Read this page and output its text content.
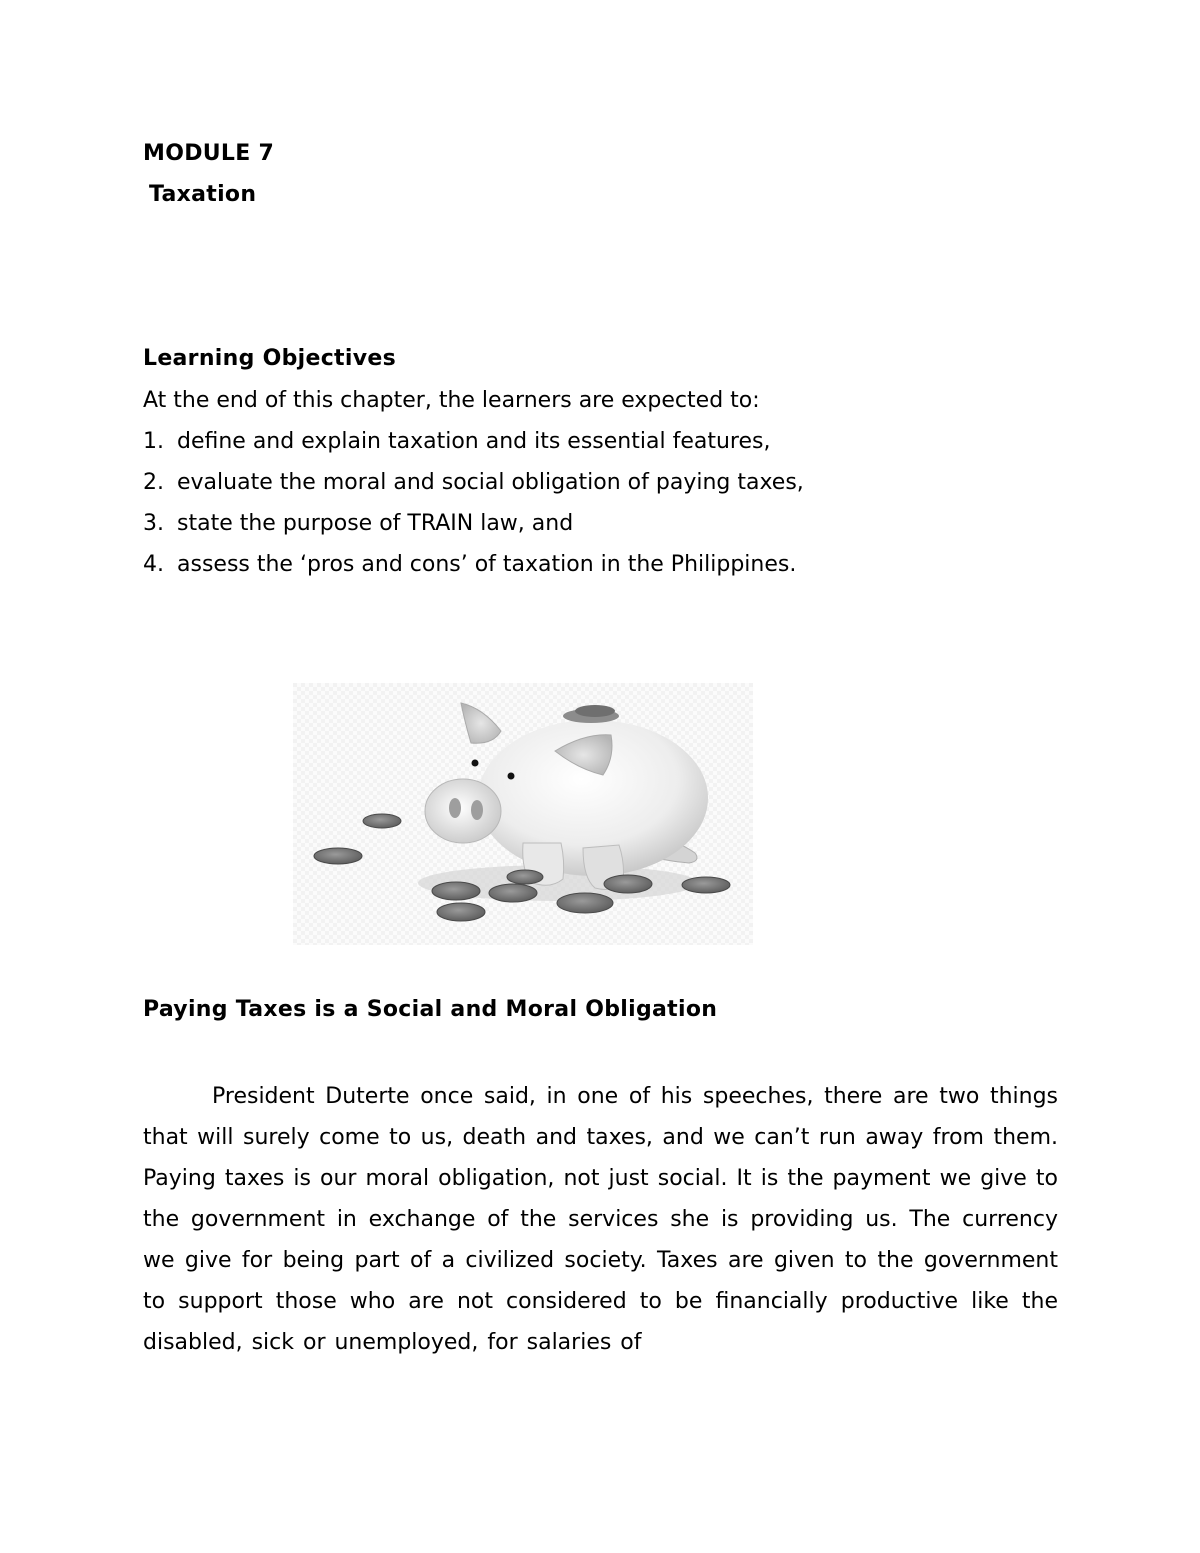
MODULE 7
Taxation
Learning Objectives

At the end of this chapter, the learners are expected to:

1. define and explain taxation and its essential features,
2. evaluate the moral and social obligation of paying taxes,
3. state the purpose of TRAIN law, and
4. assess the ‘pros and cons’ of taxation in the Philippines.
Paying Taxes is a Social and Moral Obligation

President Duterte once said, in one of his speeches, there are two things that will surely come to us, death and taxes, and we can’t run away from them. Paying taxes is our moral obligation, not just social. It is the payment we give to the government in exchange of the services she is providing us. The currency we give for being part of a civilized society. Taxes are given to the government to support those who are not considered to be financially productive like the disabled, sick or unemployed, for salaries of
